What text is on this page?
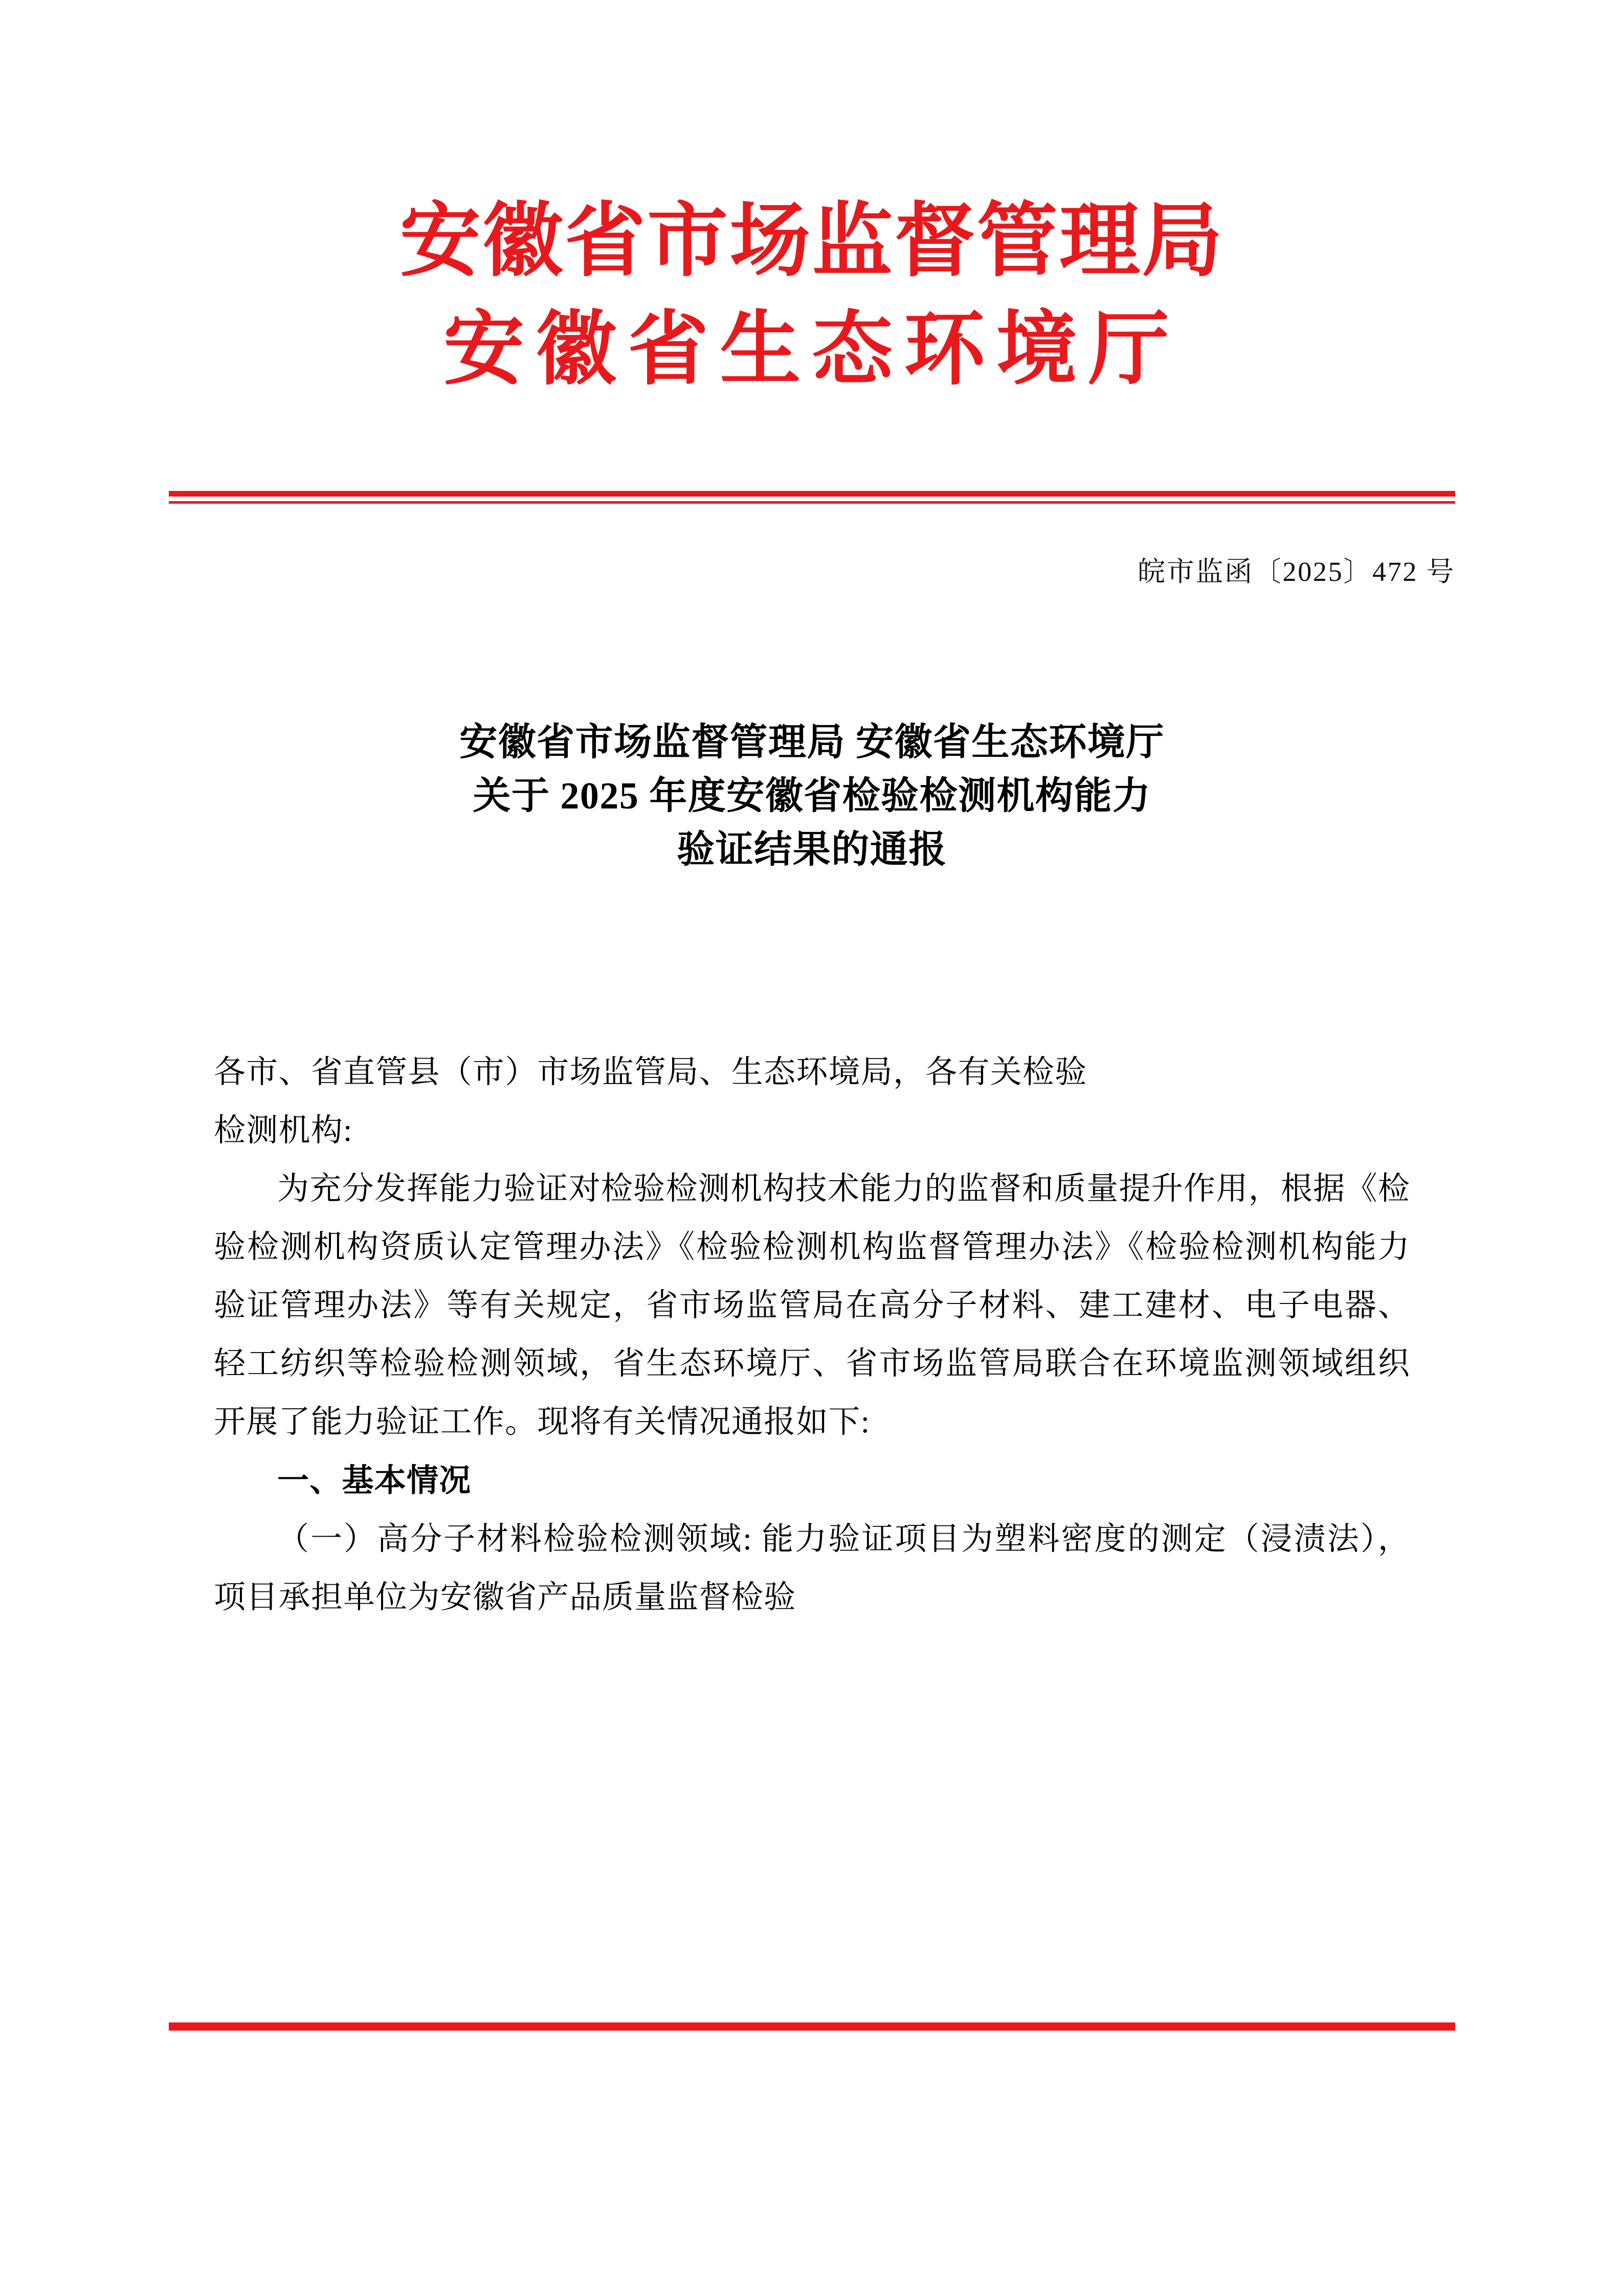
安徽省市场监督管理局
安徽省生态环境厅
皖市监函〔2025〕472 号
安徽省市场监督管理局 安徽省生态环境厅
关于 2025 年度安徽省检验检测机构能力
验证结果的通报

各市、省直管县（市）市场监管局、生态环境局，各有关检验

检测机构:

为充分发挥能力验证对检验检测机构技术能力的监督和质量提升作用，根据《检验检测机构资质认定管理办法》《检验检测机构监督管理办法》《检验检测机构能力验证管理办法》等有关规定，省市场监管局在高分子材料、建工建材、电子电器、轻工纺织等检验检测领域，省生态环境厅、省市场监管局联合在环境监测领域组织开展了能力验证工作。现将有关情况通报如下:

一、基本情况

（一）高分子材料检验检测领域: 能力验证项目为塑料密度的测定（浸渍法），项目承担单位为安徽省产品质量监督检验
